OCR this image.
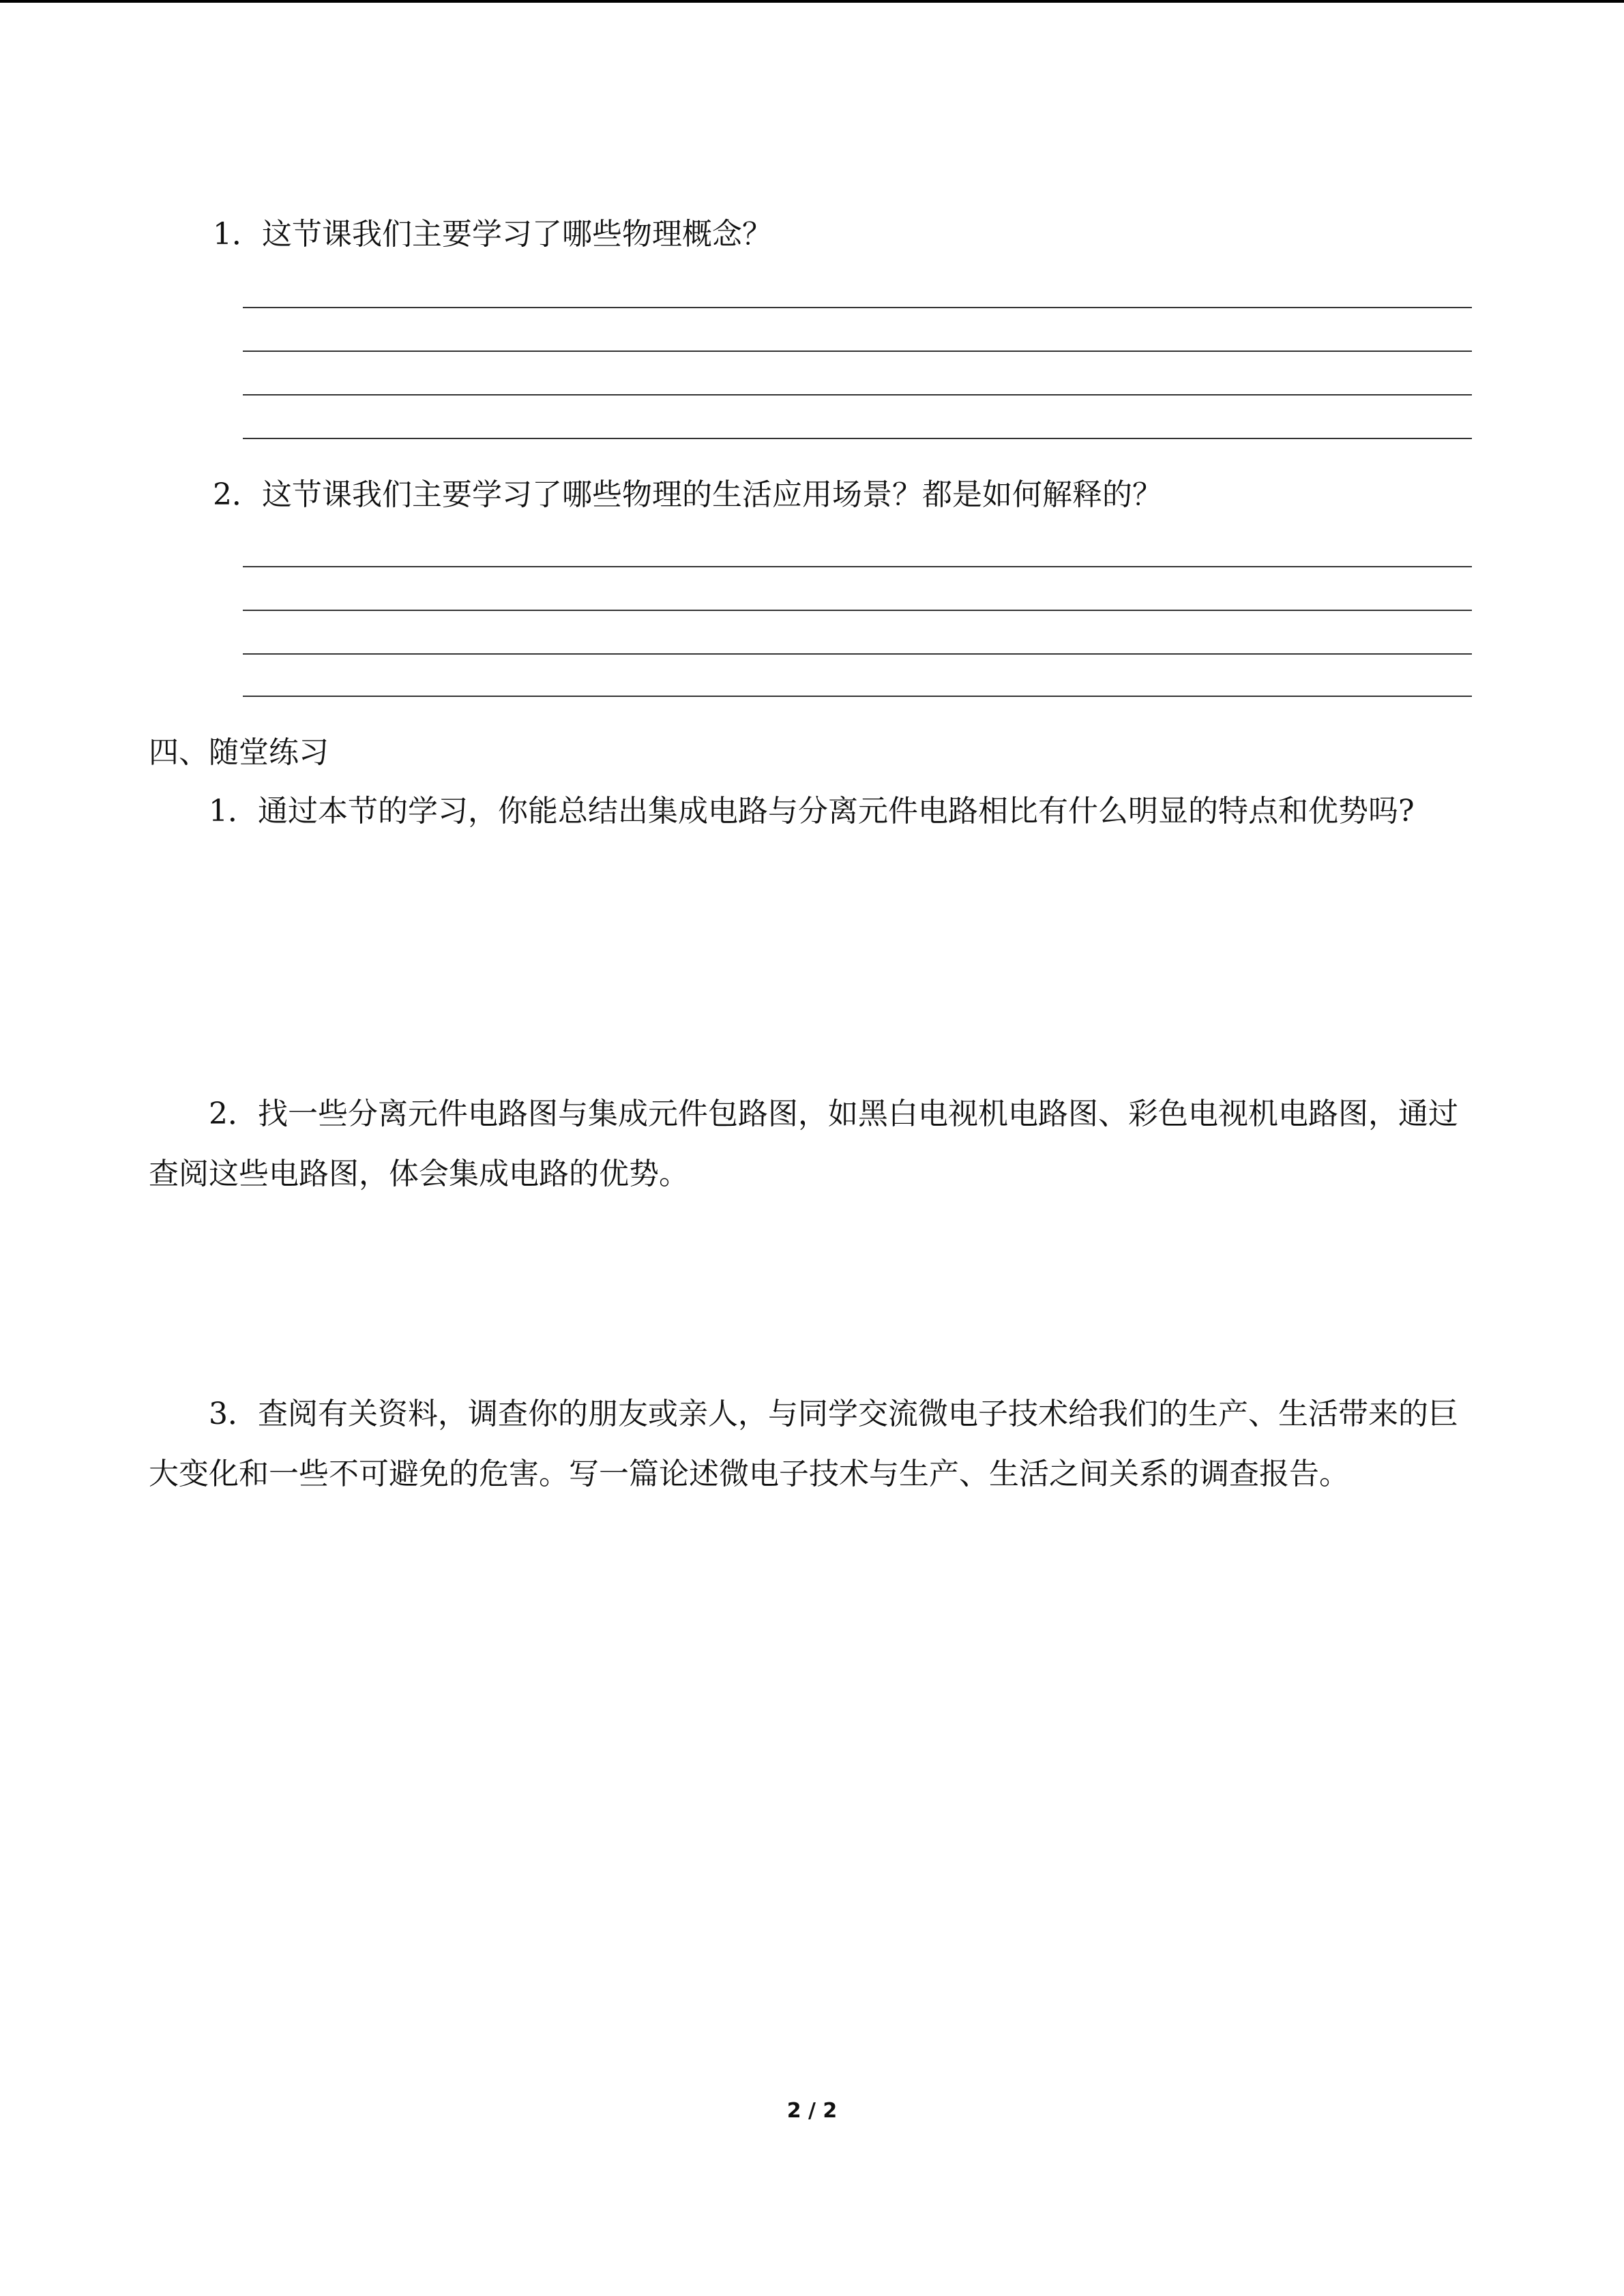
1．这节课我们主要学习了哪些物理概念？
2．这节课我们主要学习了哪些物理的生活应用场景？都是如何解释的？
四、随堂练习
1．通过本节的学习，你能总结出集成电路与分离元件电路相比有什么明显的特点和优势吗?
2．找一些分离元件电路图与集成元件包路图，如黑白电视机电路图、彩色电视机电路图，通过查阅这些电路图，体会集成电路的优势。
3．查阅有关资料，调查你的朋友或亲人，与同学交流微电子技术给我们的生产、生活带来的巨大变化和一些不可避免的危害。写一篇论述微电子技术与生产、生活之间关系的调查报告。
2 / 2
